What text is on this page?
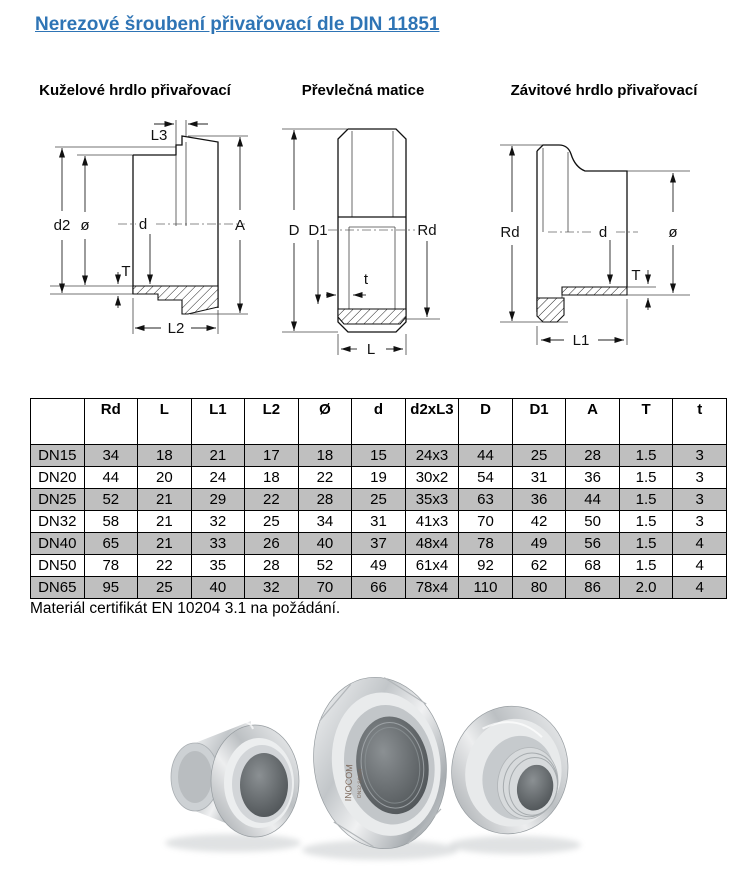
Nerezové šroubení přivařovací dle DIN 11851
Kuželové hrdlo přivařovací	Převlečná matice	Závitové hrdlo přivařovací
L3
d2 ø	d	A
T
L2
D D1	Rd
t
L
Rd	d	ø
T
L1
	Rd	L	L1	L2	Ø	d	d2xL3	D	D1	A	T	t
DN15	34	18	21	17	18	15	24x3	44	25	28	1.5	3
DN20	44	20	24	18	22	19	30x2	54	31	36	1.5	3
DN25	52	21	29	22	28	25	35x3	63	36	44	1.5	3
DN32	58	21	32	25	34	31	41x3	70	42	50	1.5	3
DN40	65	21	33	26	40	37	48x4	78	49	56	1.5	4
DN50	78	22	35	28	52	49	61x4	92	62	68	1.5	4
DN65	95	25	40	32	70	66	78x4	110	80	86	2.0	4
Materiál certifikát EN 10204 3.1 na požádání.
INOCOM DN32 SS304
